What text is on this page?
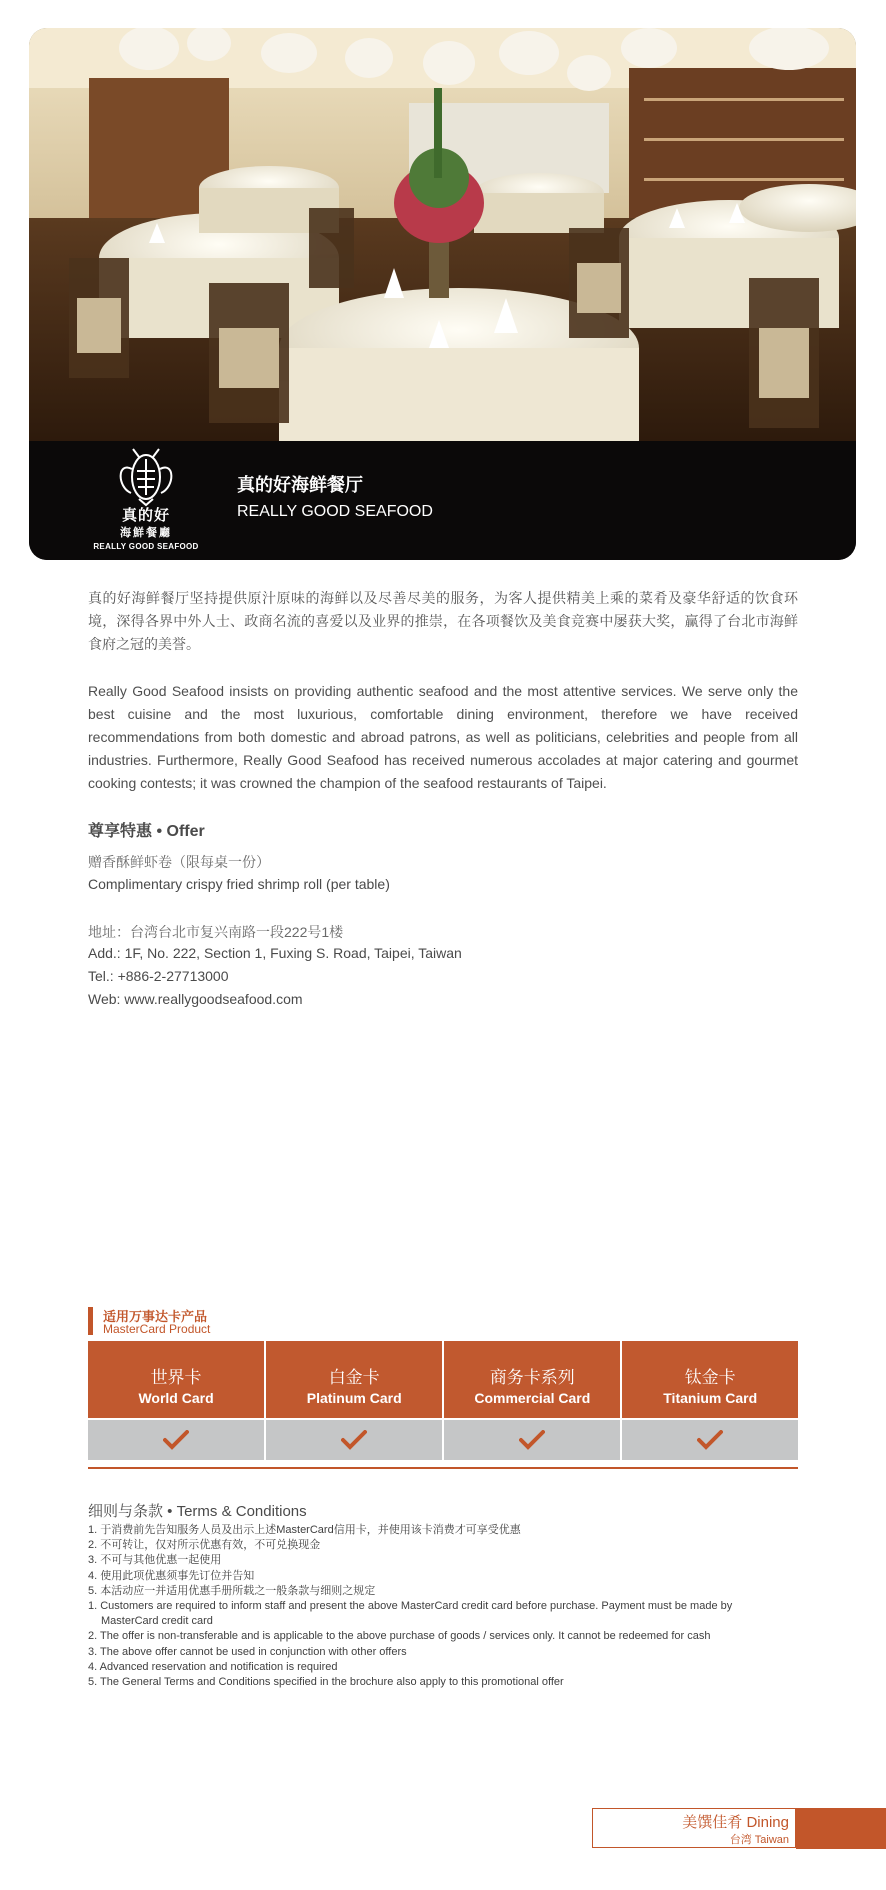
真的好
海鮮餐廳
REALLY GOOD SEAFOOD
真的好海鲜餐厅
REALLY GOOD SEAFOOD
真的好海鲜餐厅坚持提供原汁原味的海鲜以及尽善尽美的服务，为客人提供精美上乘的菜肴及豪华舒适的饮食环境，深得各界中外人士、政商名流的喜爱以及业界的推崇，在各项餐饮及美食竞赛中屡获大奖，赢得了台北市海鲜食府之冠的美誉。
Really Good Seafood insists on providing authentic seafood and the most attentive services. We serve only the best cuisine and the most luxurious, comfortable dining environment, therefore we have received recommendations from both domestic and abroad patrons, as well as politicians, celebrities and people from all industries. Furthermore, Really Good Seafood has received numerous accolades at major catering and gourmet cooking contests; it was crowned the champion of the seafood restaurants of Taipei.
尊享特惠 • Offer
赠香酥鲜虾卷（限每桌一份）
Complimentary crispy fried shrimp roll (per table)
地址：台湾台北市复兴南路一段222号1楼
Add.: 1F, No. 222, Section 1, Fuxing S. Road, Taipei, Taiwan
Tel.: +886-2-27713000
Web: www.reallygoodseafood.com
适用万事达卡产品
MasterCard Product
世界卡
World Card
白金卡
Platinum Card
商务卡系列
Commercial Card
钛金卡
Titanium Card
细则与条款 • Terms & Conditions
1. 于消费前先告知服务人员及出示上述MasterCard信用卡，并使用该卡消费才可享受优惠
2. 不可转让，仅对所示优惠有效，不可兑换现金
3. 不可与其他优惠一起使用
4. 使用此项优惠须事先订位并告知
5. 本活动应一并适用优惠手册所载之一般条款与细则之规定
1. Customers are required to inform staff and present the above MasterCard credit card before purchase. Payment must be made by MasterCard credit card
2. The offer is non-transferable and is applicable to the above purchase of goods / services only. It cannot be redeemed for cash
3. The above offer cannot be used in conjunction with other offers
4. Advanced reservation and notification is required
5. The General Terms and Conditions specified in the brochure also apply to this promotional offer
美馔佳肴 Dining
台湾 Taiwan
